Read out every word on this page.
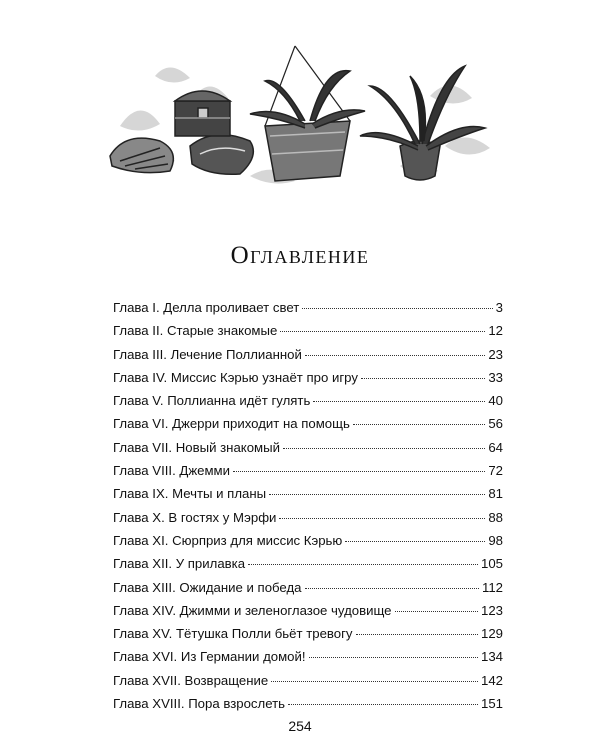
Оглавление
Глава I. Делла проливает свет	3
Глава II. Старые знакомые	12
Глава III. Лечение Поллианной	23
Глава IV. Миссис Кэрью узнаёт про игру	33
Глава V. Поллианна идёт гулять	40
Глава VI. Джерри приходит на помощь	56
Глава VII. Новый знакомый	64
Глава VIII. Джемми	72
Глава IX. Мечты и планы	81
Глава X. В гостях у Мэрфи	88
Глава XI. Сюрприз для миссис Кэрью	98
Глава XII. У прилавка	105
Глава XIII. Ожидание и победа	112
Глава XIV. Джимми и зеленоглазое чудовище	123
Глава XV. Тётушка Полли бьёт тревогу	129
Глава XVI. Из Германии домой!	134
Глава XVII. Возвращение	142
Глава XVIII. Пора взрослеть	151
254
